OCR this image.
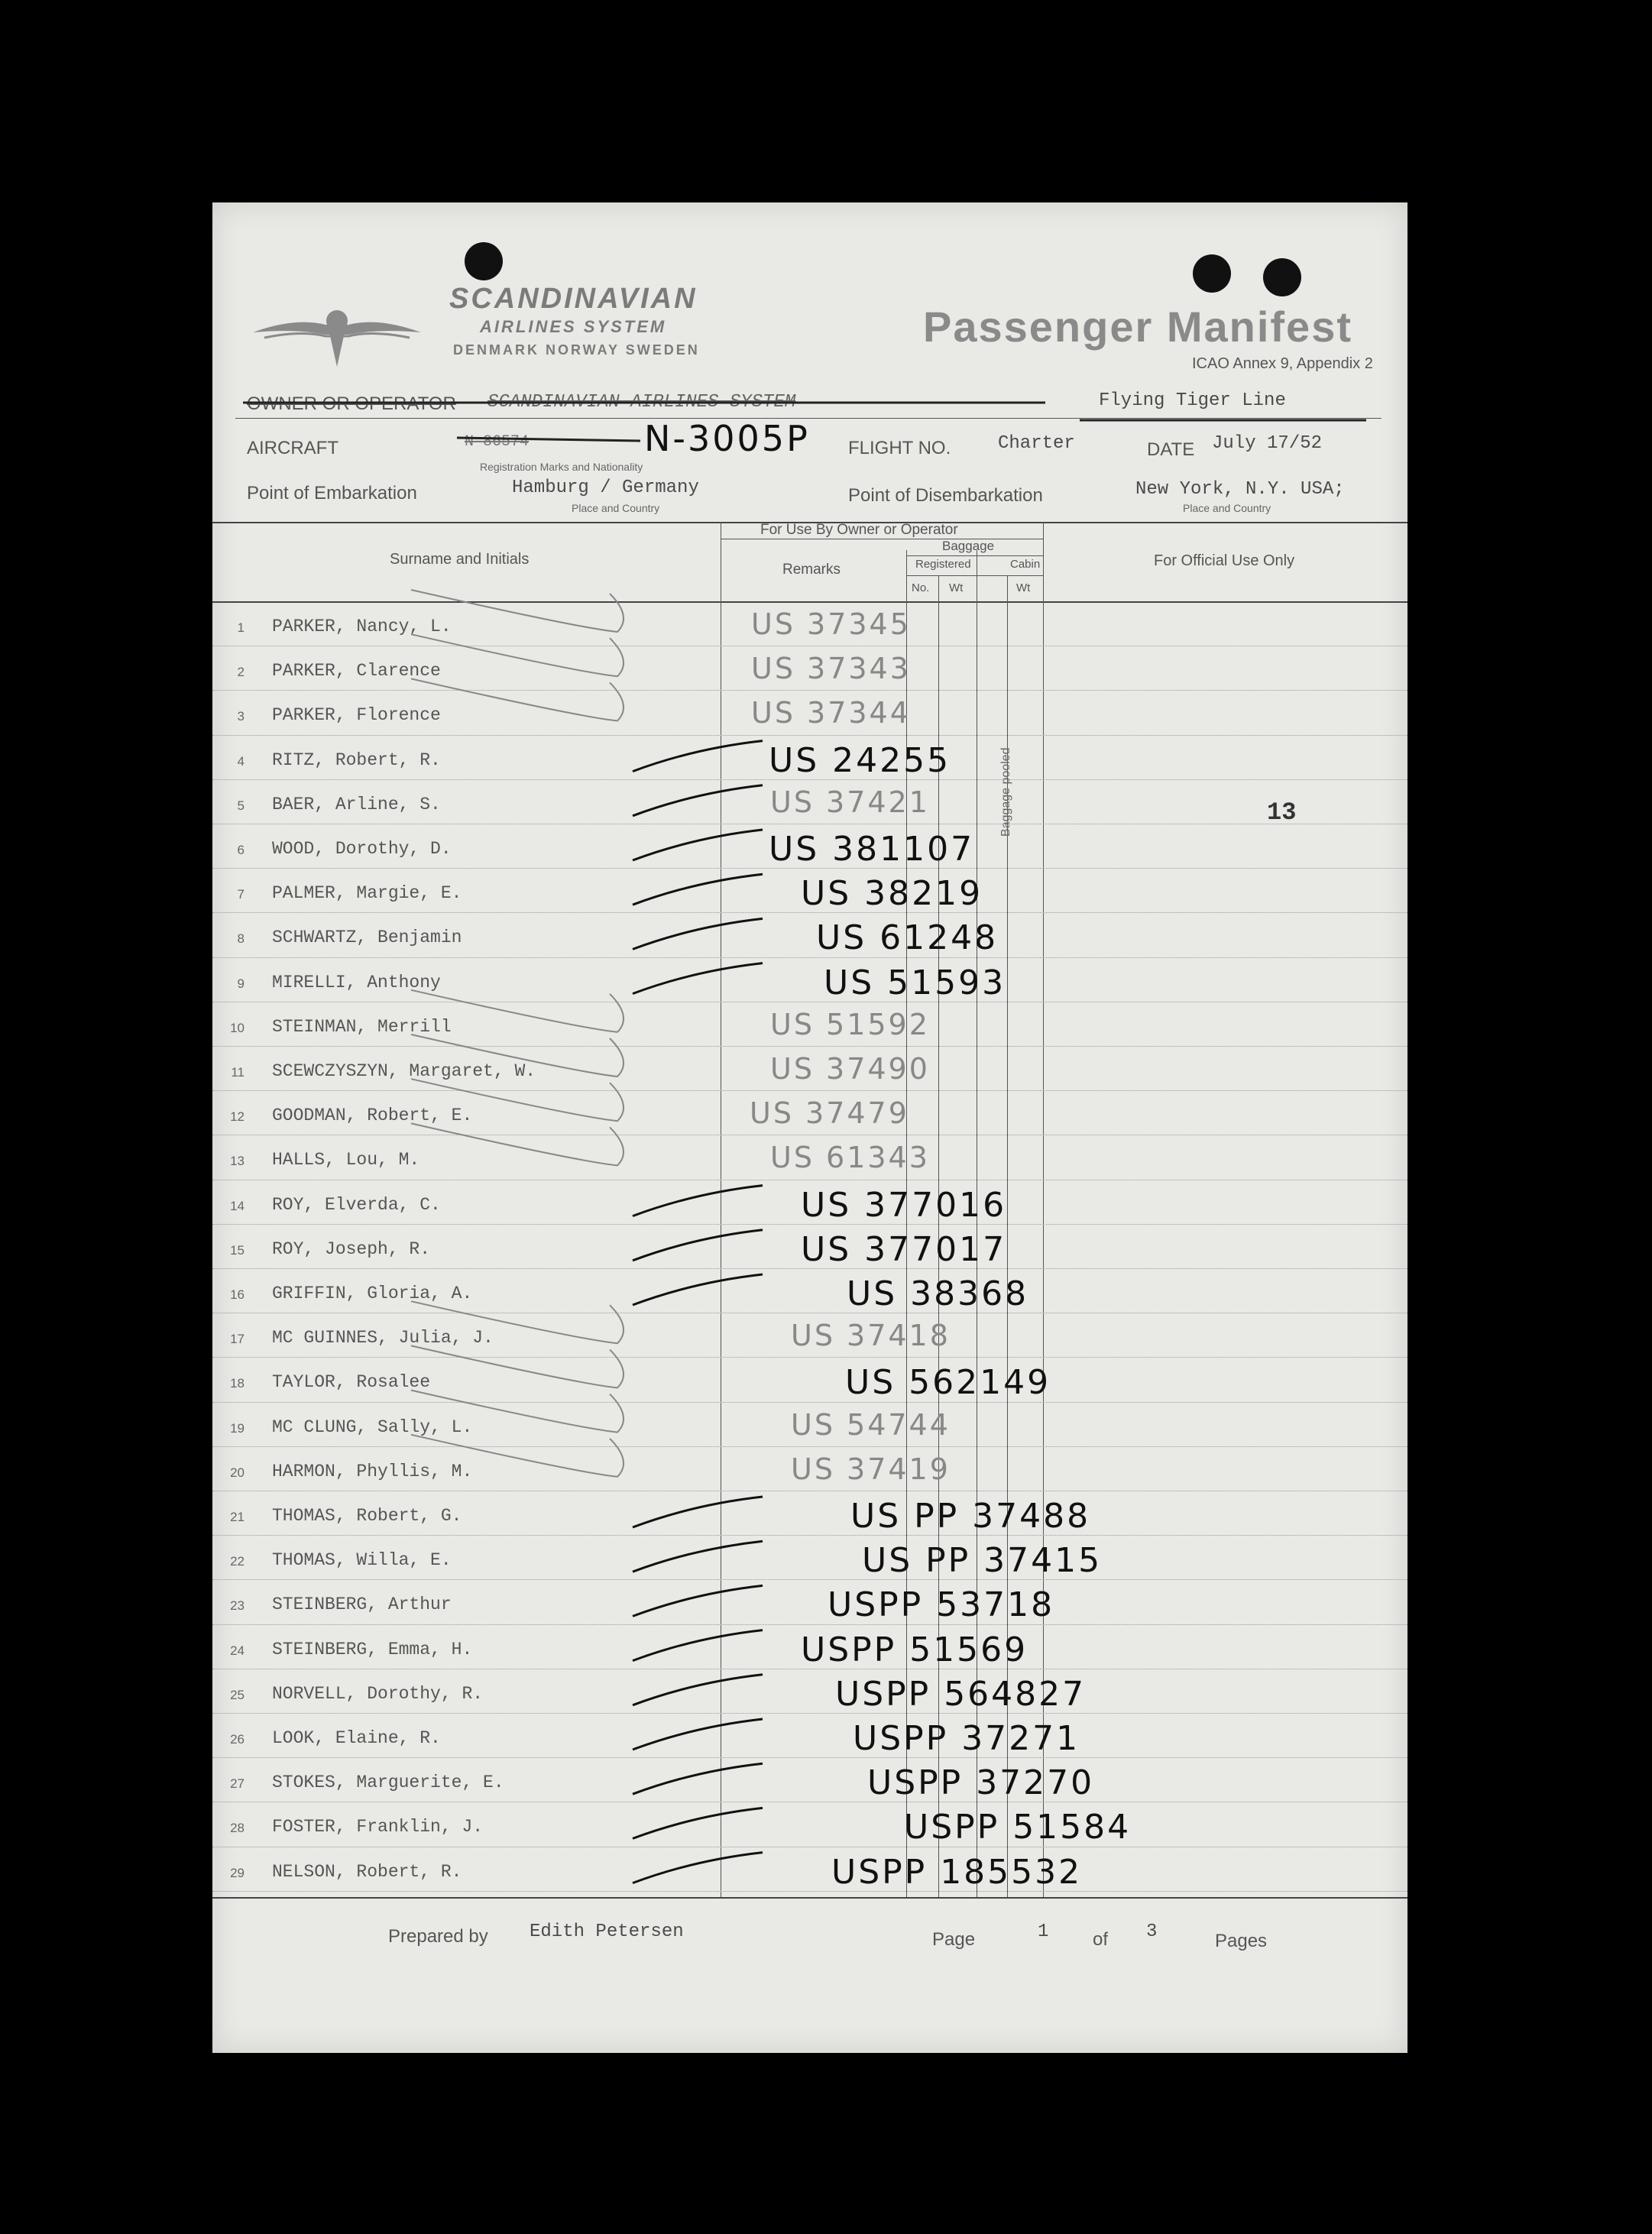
SCANDINAVIAN
AIRLINES SYSTEM
DENMARK NORWAY SWEDEN	Passenger Manifest
ICAO Annex 9, Appendix 2
OWNER OR OPERATOR SCANDINAVIAN AIRLINES SYSTEM	Flying Tiger Line
AIRCRAFT	N-86574	N-3005P
Registration Marks and Nationality
FLIGHT NO.	Charter	DATE July 17/52
Point of Embarkation	Hamburg / Germany
Place and Country
Point of Disembarkation	New York, N.Y. USA;
Place and Country
Surname and Initials
For Use By Owner or Operator
Remarks
Baggage
Registered	Cabin
No. Wt	Wt
For Official Use Only
13
Baggage pooled
1 PARKER, Nancy, L.	US 37345
2 PARKER, Clarence	US 37343
3 PARKER, Florence	US 37344
4 RITZ, Robert, R.	US 24255
5 BAER, Arline, S.	US 37421
6 WOOD, Dorothy, D.	US 381107
7 PALMER, Margie, E.	US 38219
8 SCHWARTZ, Benjamin	US 61248
9 MIRELLI, Anthony	US 51593
10 STEINMAN, Merrill	US 51592
11 SCEWCZYSZYN, Margaret, W.	US 37490
12 GOODMAN, Robert, E.	US 37479
13 HALLS, Lou, M.	US 61343
14 ROY, Elverda, C.	US 377016
15 ROY, Joseph, R.	US 377017
16 GRIFFIN, Gloria, A.	US 38368
17 MC GUINNES, Julia, J.	US 37418
18 TAYLOR, Rosalee	US 562149
19 MC CLUNG, Sally, L.	US 54744
20 HARMON, Phyllis, M.	US 37419
21 THOMAS, Robert, G.	US PP 37488
22 THOMAS, Willa, E.	US PP 37415
23 STEINBERG, Arthur	USPP 53718
24 STEINBERG, Emma, H.	USPP 51569
25 NORVELL, Dorothy, R.	USPP 564827
26 LOOK, Elaine, R.	USPP 37271
27 STOKES, Marguerite, E.	USPP 37270
28 FOSTER, Franklin, J.	USPP 51584
29 NELSON, Robert, R.	USPP 185532
Prepared by Edith Petersen	Page	1 of 3	Pages
